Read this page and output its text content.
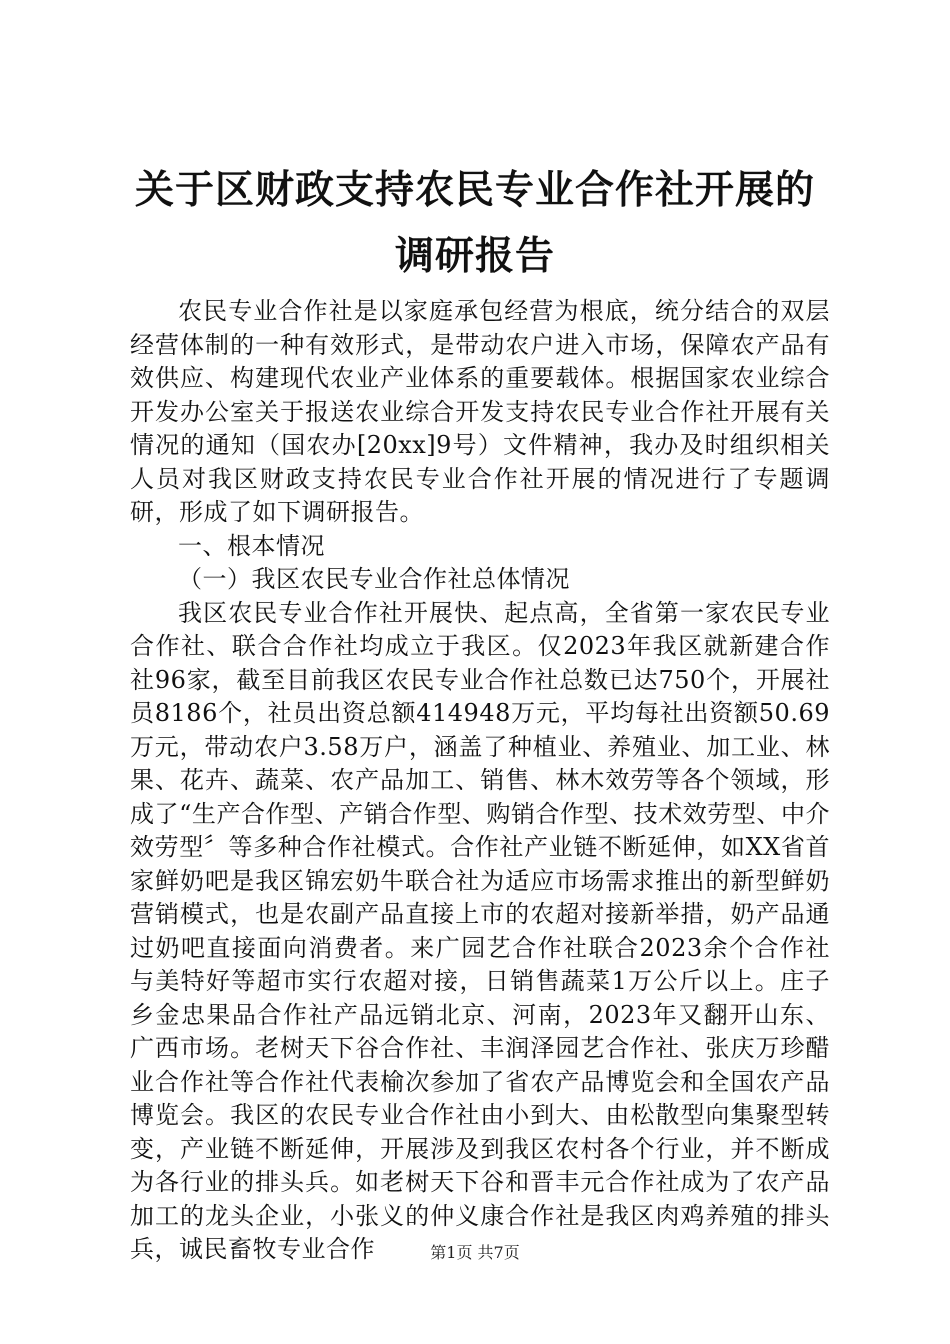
关于区财政支持农民专业合作社开展的调研报告

农民专业合作社是以家庭承包经营为根底，统分结合的双层经营体制的一种有效形式，是带动农户进入市场，保障农产品有效供应、构建现代农业产业体系的重要载体。根据国家农业综合开发办公室关于报送农业综合开发支持农民专业合作社开展有关情况的通知（国农办[20xx]9号）文件精神，我办及时组织相关人员对我区财政支持农民专业合作社开展的情况进行了专题调研，形成了如下调研报告。

一、根本情况

（一）我区农民专业合作社总体情况

我区农民专业合作社开展快、起点高，全省第一家农民专业合作社、联合合作社均成立于我区。仅2023年我区就新建合作社96家，截至目前我区农民专业合作社总数已达750个，开展社员8186个，社员出资总额414948万元，平均每社出资额50.69万元，带动农户3.58万户，涵盖了种植业、养殖业、加工业、林果、花卉、蔬菜、农产品加工、销售、林木效劳等各个领域，形成了“生产合作型、产销合作型、购销合作型、技术效劳型、中介效劳型〞等多种合作社模式。合作社产业链不断延伸，如XX省首家鲜奶吧是我区锦宏奶牛联合社为适应市场需求推出的新型鲜奶营销模式，也是农副产品直接上市的农超对接新举措，奶产品通过奶吧直接面向消费者。来广园艺合作社联合2023余个合作社与美特好等超市实行农超对接，日销售蔬菜1万公斤以上。庄子乡金忠果品合作社产品远销北京、河南，2023年又翻开山东、广西市场。老树天下谷合作社、丰润泽园艺合作社、张庆万珍醋业合作社等合作社代表榆次参加了省农产品博览会和全国农产品博览会。我区的农民专业合作社由小到大、由松散型向集聚型转变，产业链不断延伸，开展涉及到我区农村各个行业，并不断成为各行业的排头兵。如老树天下谷和晋丰元合作社成为了农产品加工的龙头企业，小张义的仲义康合作社是我区肉鸡养殖的排头兵，诚民畜牧专业合作	第1页 共7页
